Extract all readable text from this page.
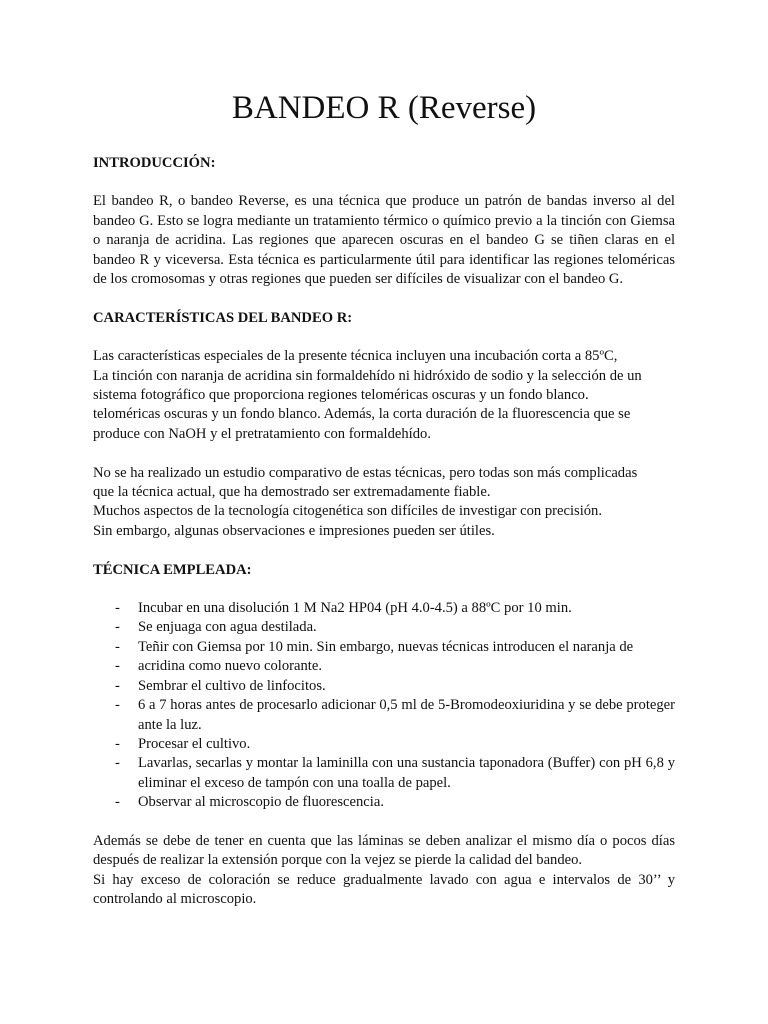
BANDEO R (Reverse)
INTRODUCCIÓN:

El bandeo R, o bandeo Reverse, es una técnica que produce un patrón de bandas inverso al del bandeo G. Esto se logra mediante un tratamiento térmico o químico previo a la tinción con Giemsa o naranja de acridina. Las regiones que aparecen oscuras en el bandeo G se tiñen claras en el bandeo R y viceversa. Esta técnica es particularmente útil para identificar las regiones teloméricas de los cromosomas y otras regiones que pueden ser difíciles de visualizar con el bandeo G.

CARACTERÍSTICAS DEL BANDEO R:
Las características especiales de la presente técnica incluyen una incubación corta a 85ºC,
La tinción con naranja de acridina sin formaldehído ni hidróxido de sodio y la selección de un
sistema fotográfico que proporciona regiones teloméricas oscuras y un fondo blanco.
teloméricas oscuras y un fondo blanco. Además, la corta duración de la fluorescencia que se
produce con NaOH y el pretratamiento con formaldehído.
No se ha realizado un estudio comparativo de estas técnicas, pero todas son más complicadas
que la técnica actual, que ha demostrado ser extremadamente fiable.
Muchos aspectos de la tecnología citogenética son difíciles de investigar con precisión.
Sin embargo, algunas observaciones e impresiones pueden ser útiles.
TÉCNICA EMPLEADA:
- Incubar en una disolución 1 M Na2 HP04 (pH 4.0-4.5) a 88ºC por 10 min.
- Se enjuaga con agua destilada.
- Teñir con Giemsa por 10 min. Sin embargo, nuevas técnicas introducen el naranja de
- acridina como nuevo colorante.
- Sembrar el cultivo de linfocitos.
- 6 a 7 horas antes de procesarlo adicionar 0,5 ml de 5-Bromodeoxiuridina y se debe proteger ante la luz.
- Procesar el cultivo.
- Lavarlas, secarlas y montar la laminilla con una sustancia taponadora (Buffer) con pH 6,8 y eliminar el exceso de tampón con una toalla de papel.
- Observar al microscopio de fluorescencia.
Además se debe de tener en cuenta que las láminas se deben analizar el mismo día o pocos días después de realizar la extensión porque con la vejez se pierde la calidad del bandeo.
Si hay exceso de coloración se reduce gradualmente lavado con agua e intervalos de 30’’ y controlando al microscopio.
